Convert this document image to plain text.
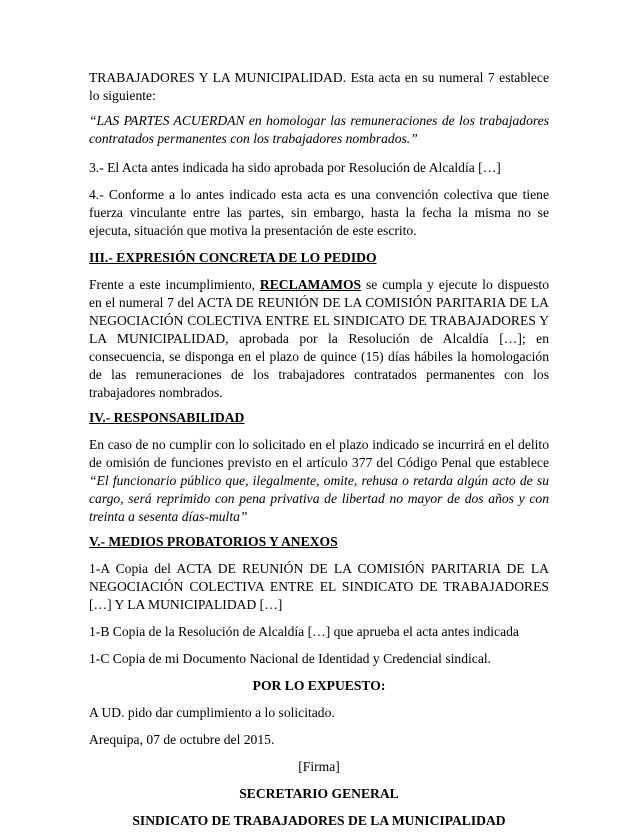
TRABAJADORES Y LA MUNICIPALIDAD. Esta acta en su numeral 7 establece lo siguiente:

“LAS PARTES ACUERDAN en homologar las remuneraciones de los trabajadores contratados permanentes con los trabajadores nombrados.”

3.- El Acta antes indicada ha sido aprobada por Resolución de Alcaldía […]

4.- Conforme a lo antes indicado esta acta es una convención colectiva que tiene fuerza vinculante entre las partes, sin embargo, hasta la fecha la misma no se ejecuta, situación que motiva la presentación de este escrito.

III.- EXPRESIÓN CONCRETA DE LO PEDIDO

Frente a este incumplimiento, RECLAMAMOS se cumpla y ejecute lo dispuesto en el numeral 7 del ACTA DE REUNIÓN DE LA COMISIÓN PARITARIA DE LA NEGOCIACIÓN COLECTIVA ENTRE EL SINDICATO DE TRABAJADORES Y LA MUNICIPALIDAD, aprobada por la Resolución de Alcaldía […]; en consecuencia, se disponga en el plazo de quince (15) días hábiles la homologación de las remuneraciones de los trabajadores contratados permanentes con los trabajadores nombrados.

IV.- RESPONSABILIDAD

En caso de no cumplir con lo solicitado en el plazo indicado se incurrirá en el delito de omisión de funciones previsto en el artículo 377 del Código Penal que establece “El funcionario público que, ilegalmente, omite, rehusa o retarda algún acto de su cargo, será reprimido con pena privativa de libertad no mayor de dos años y con treinta a sesenta días-multa”

V.- MEDIOS PROBATORIOS Y ANEXOS

1-A Copia del ACTA DE REUNIÓN DE LA COMISIÓN PARITARIA DE LA NEGOCIACIÓN COLECTIVA ENTRE EL SINDICATO DE TRABAJADORES […] Y LA MUNICIPALIDAD […]

1-B Copia de la Resolución de Alcaldía […] que aprueba el acta antes indicada

1-C Copia de mi Documento Nacional de Identidad y Credencial sindical.

POR LO EXPUESTO:

A UD. pido dar cumplimiento a lo solicitado.

Arequipa, 07 de octubre del 2015.

[Firma]

SECRETARIO GENERAL

SINDICATO DE TRABAJADORES DE LA MUNICIPALIDAD
